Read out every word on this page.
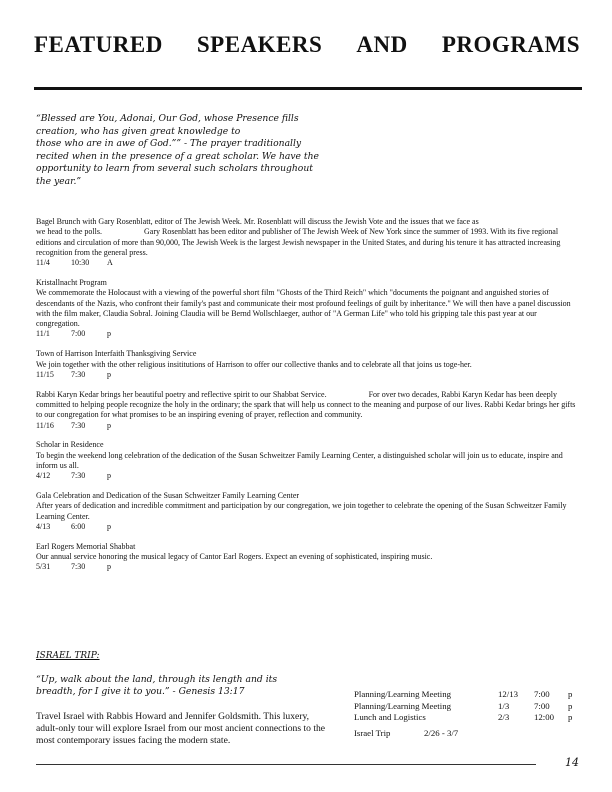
FEATURED SPEAKERS AND PROGRAMS
“Blessed are You, Adonai, Our God, whose Presence fills
creation, who has given great knowledge to
those who are in awe of God.”” - The prayer traditionally
recited when in the presence of a great scholar. We have the
opportunity to learn from several such scholars throughout
the year.”
Bagel Brunch with Gary Rosenblatt, editor of The Jewish Week. Mr. Rosenblatt will discuss the Jewish Vote and the issues that we face as
we head to the polls.	Gary Rosenblatt has been editor and publisher of The Jewish Week of New York since the summer of 1993. With its five regional editions and circulation of more than 90,000, The Jewish Week is the largest Jewish newspaper in the United States, and during his tenure it has attracted increasing recognition from the general press.
11/4	10:30	A
Kristallnacht Program
We commemorate the Holocaust with a viewing of the powerful short film "Ghosts of the Third Reich" which "documents the poignant and anguished stories of descendants of the Nazis, who confront their family's past and communicate their most profound feelings of guilt by inheritance." We will then have a panel discussion with the film maker, Claudia Sobral. Joining Claudia will be Bernd Wollschlaeger, author of "A German Life" who told his gripping tale this past year at our congregation.
11/1	7:00	p
Town of Harrison Interfaith Thanksgiving Service
We join together with the other religious insititutions of Harrison to offer our collective thanks and to celebrate all that joins us toge-her.
11/15	7:30	p
Rabbi Karyn Kedar brings her beautiful poetry and reflective spirit to our Shabbat Service.	For over two decades, Rabbi Karyn Kedar has been deeply committed to helping people recognize the holy in the ordinary; the spark that will help us connect to the meaning and purpose of our lives. Rabbi Kedar brings her gifts to our congregation for what promises to be an inspiring evening of prayer, reflection and community.
11/16	7:30	p
Scholar in Residence
To begin the weekend long celebration of the dedication of the Susan Schweitzer Family Learning Center, a distinguished scholar will join us to educate, inspire and inform us all.
4/12	7:30	p
Gala Celebration and Dedication of the Susan Schweitzer Family Learning Center
After years of dedication and incredible commitment and participation by our congregation, we join together to celebrate the opening of the Susan Schweitzer Family Learning Center.
4/13	6:00	p
Earl Rogers Memorial Shabbat
Our annual service honoring the musical legacy of Cantor Earl Rogers. Expect an evening of sophisticated, inspiring music.
5/31	7:30	p
ISRAEL TRIP:
“Up, walk about the land, through its length and its
breadth, for I give it to you.” - Genesis 13:17
Travel Israel with Rabbis Howard and Jennifer Goldsmith. This luxery, adult-only tour will explore Israel from our most ancient connections to the most contemporary issues facing the modern state.
Planning/Learning Meeting	12/13	7:00	p
Planning/Learning Meeting	1/3	7:00	p
Lunch and Logistics	2/3	12:00	p
Israel Trip	2/26 - 3/7
14
